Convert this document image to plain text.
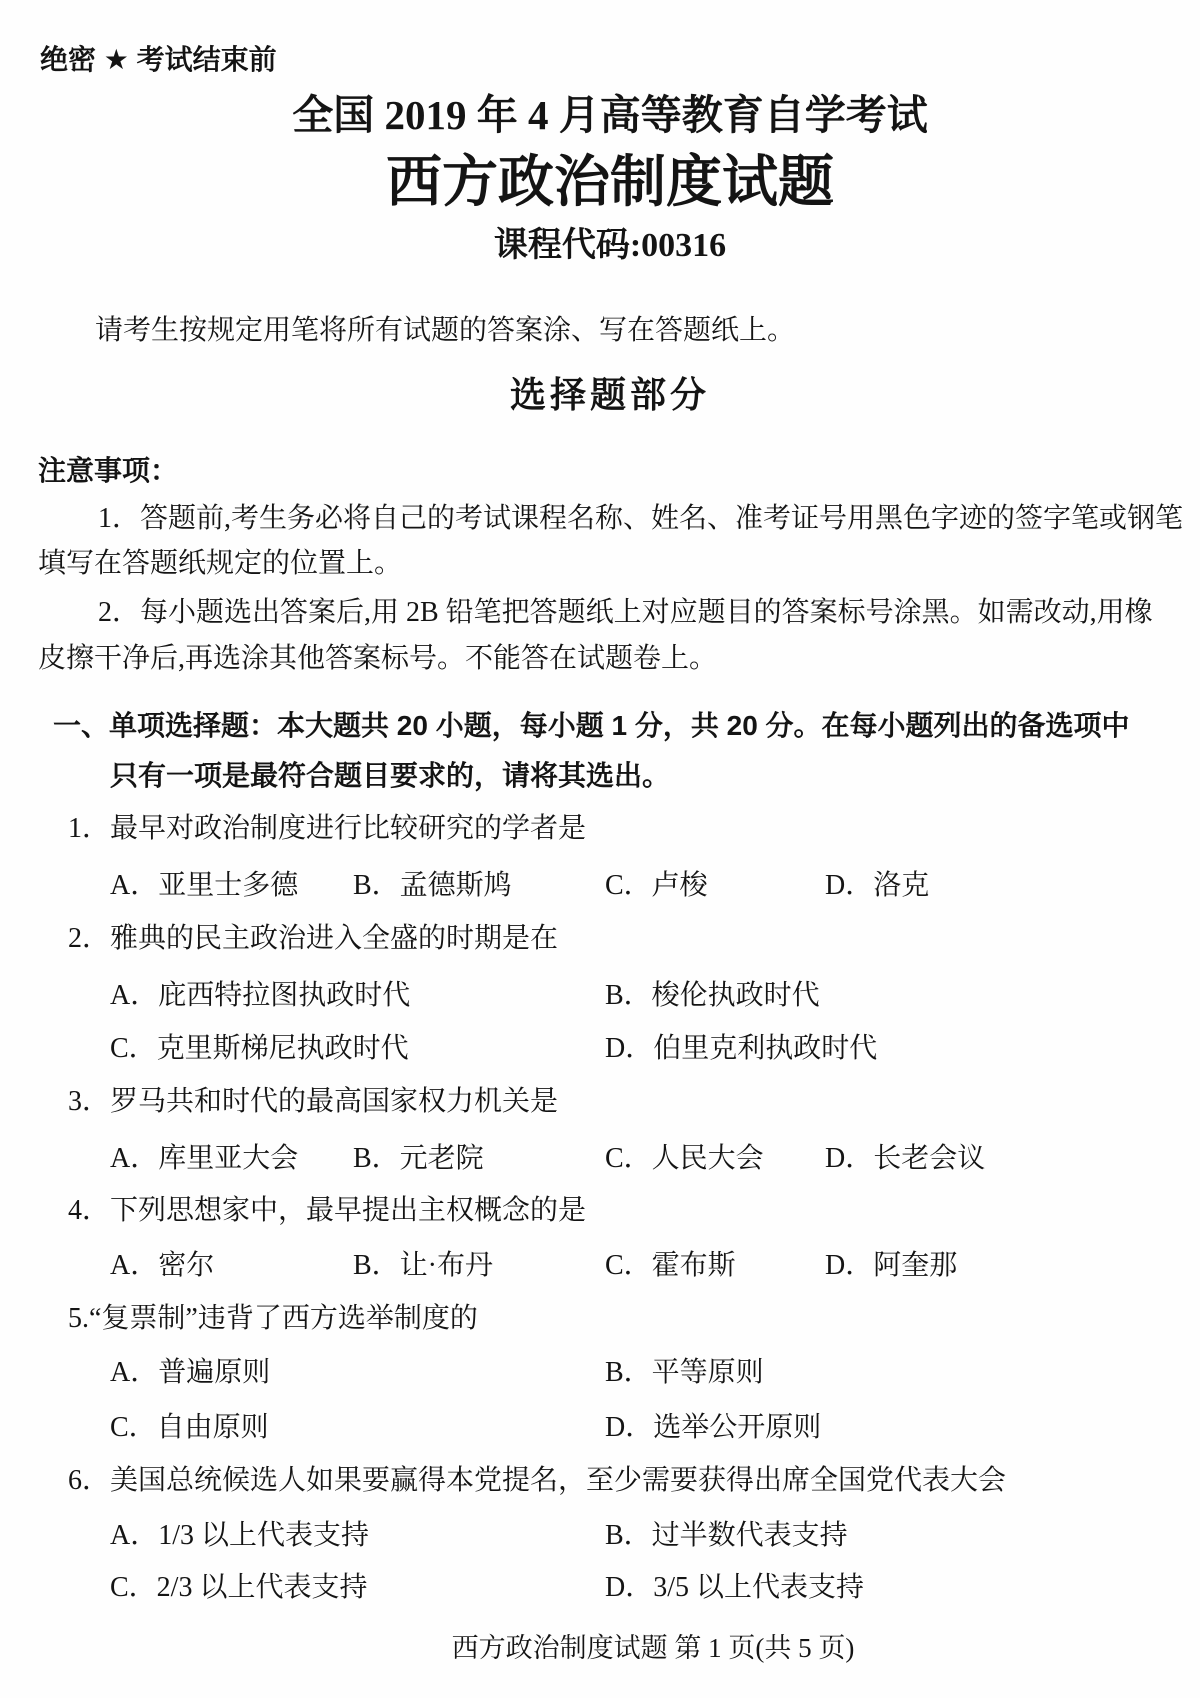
绝密 ★ 考试结束前
全国 2019 年 4 月高等教育自学考试
西方政治制度试题
课程代码:00316
请考生按规定用笔将所有试题的答案涂、写在答题纸上。
选择题部分
注意事项：
1．答题前,考生务必将自己的考试课程名称、姓名、准考证号用黑色字迹的签字笔或钢笔
填写在答题纸规定的位置上。
2．每小题选出答案后,用 2B 铅笔把答题纸上对应题目的答案标号涂黑。如需改动,用橡
皮擦干净后,再选涂其他答案标号。不能答在试题卷上。
一、单项选择题：本大题共 20 小题，每小题 1 分，共 20 分。在每小题列出的备选项中
只有一项是最符合题目要求的，请将其选出。
1．最早对政治制度进行比较研究的学者是
A．亚里士多德 B．孟德斯鸠	C．卢梭	D．洛克
2．雅典的民主政治进入全盛的时期是在
A．庇西特拉图执政时代	B．梭伦执政时代
C．克里斯梯尼执政时代	D．伯里克利执政时代
3．罗马共和时代的最高国家权力机关是
A．库里亚大会 B．元老院	C．人民大会 D．长老会议
4．下列思想家中，最早提出主权概念的是
A．密尔	B．让·布丹	C．霍布斯	D．阿奎那
5.“复票制”违背了西方选举制度的
A．普遍原则	B．平等原则
C．自由原则	D．选举公开原则
6．美国总统候选人如果要赢得本党提名，至少需要获得出席全国党代表大会
A．1/3 以上代表支持	B．过半数代表支持
C．2/3 以上代表支持	D．3/5 以上代表支持
西方政治制度试题 第 1 页(共 5 页)
